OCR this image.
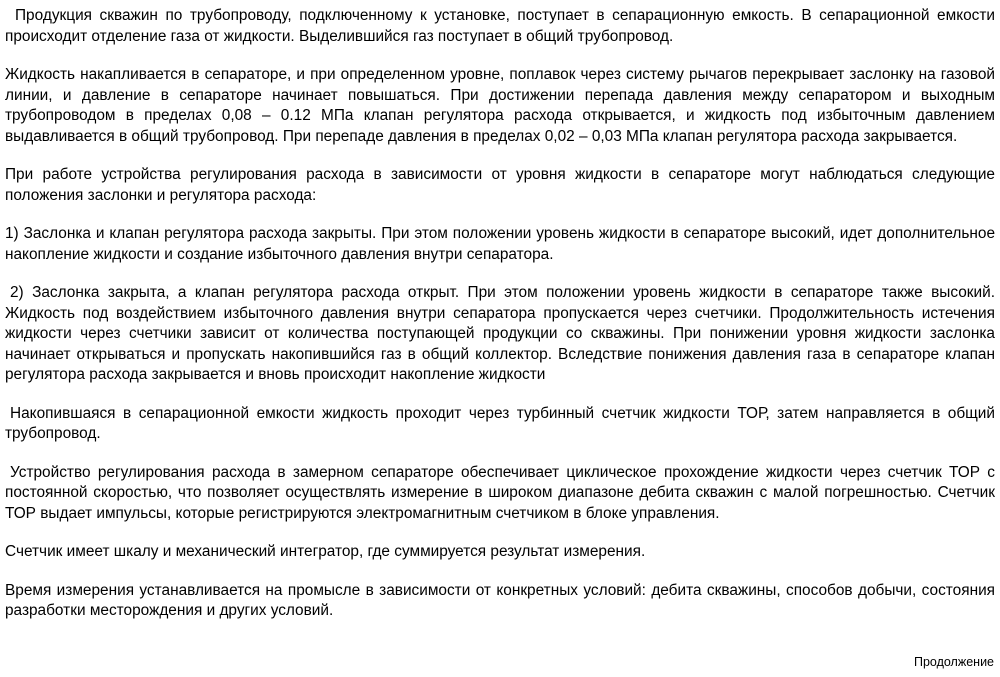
Продукция скважин по трубопроводу, подключенному к установке, поступает в сепарационную емкость. В сепарационной емкости происходит отделение газа от жидкости. Выделившийся газ поступает в общий трубопровод.

Жидкость накапливается в сепараторе, и при определенном уровне, поплавок через систему рычагов перекрывает заслонку на газовой линии, и давление в сепараторе начинает повышаться. При достижении перепада давления между сепаратором и выходным трубопроводом в пределах 0,08 – 0.12 МПа клапан регулятора расхода открывается, и жидкость под избыточным давлением выдавливается в общий трубопровод. При перепаде давления в пределах 0,02 – 0,03 МПа клапан регулятора расхода закрывается.

При работе устройства регулирования расхода в зависимости от уровня жидкости в сепараторе могут наблюдаться следующие положения заслонки и регулятора расхода:

1) Заслонка и клапан регулятора расхода закрыты. При этом положении уровень жидкости в сепараторе высокий, идет дополнительное накопление жидкости и создание избыточного давления внутри сепаратора.

2) Заслонка закрыта, а клапан регулятора расхода открыт. При этом положении уровень жидкости в сепараторе также высокий. Жидкость под воздействием избыточного давления внутри сепаратора пропускается через счетчики. Продолжительность истечения жидкости через счетчики зависит от количества поступающей продукции со скважины. При понижении уровня жидкости заслонка начинает открываться и пропускать накопившийся газ в общий коллектор. Вследствие понижения давления газа в сепараторе клапан регулятора расхода закрывается и вновь происходит накопление жидкости

Накопившаяся в сепарационной емкости жидкость проходит через турбинный счетчик жидкости ТОР, затем направляется в общий трубопровод.

Устройство регулирования расхода в замерном сепараторе обеспечивает циклическое прохождение жидкости через счетчик ТОР с постоянной скоростью, что позволяет осуществлять измерение в широком диапазоне дебита скважин с малой погрешностью. Счетчик ТОР выдает импульсы, которые регистрируются электромагнитным счетчиком в блоке управления.

Счетчик имеет шкалу и механический интегратор, где суммируется результат измерения.

Время измерения устанавливается на промысле в зависимости от конкретных условий: дебита скважины, способов добычи, состояния разработки месторождения и других условий.

Продолжение
